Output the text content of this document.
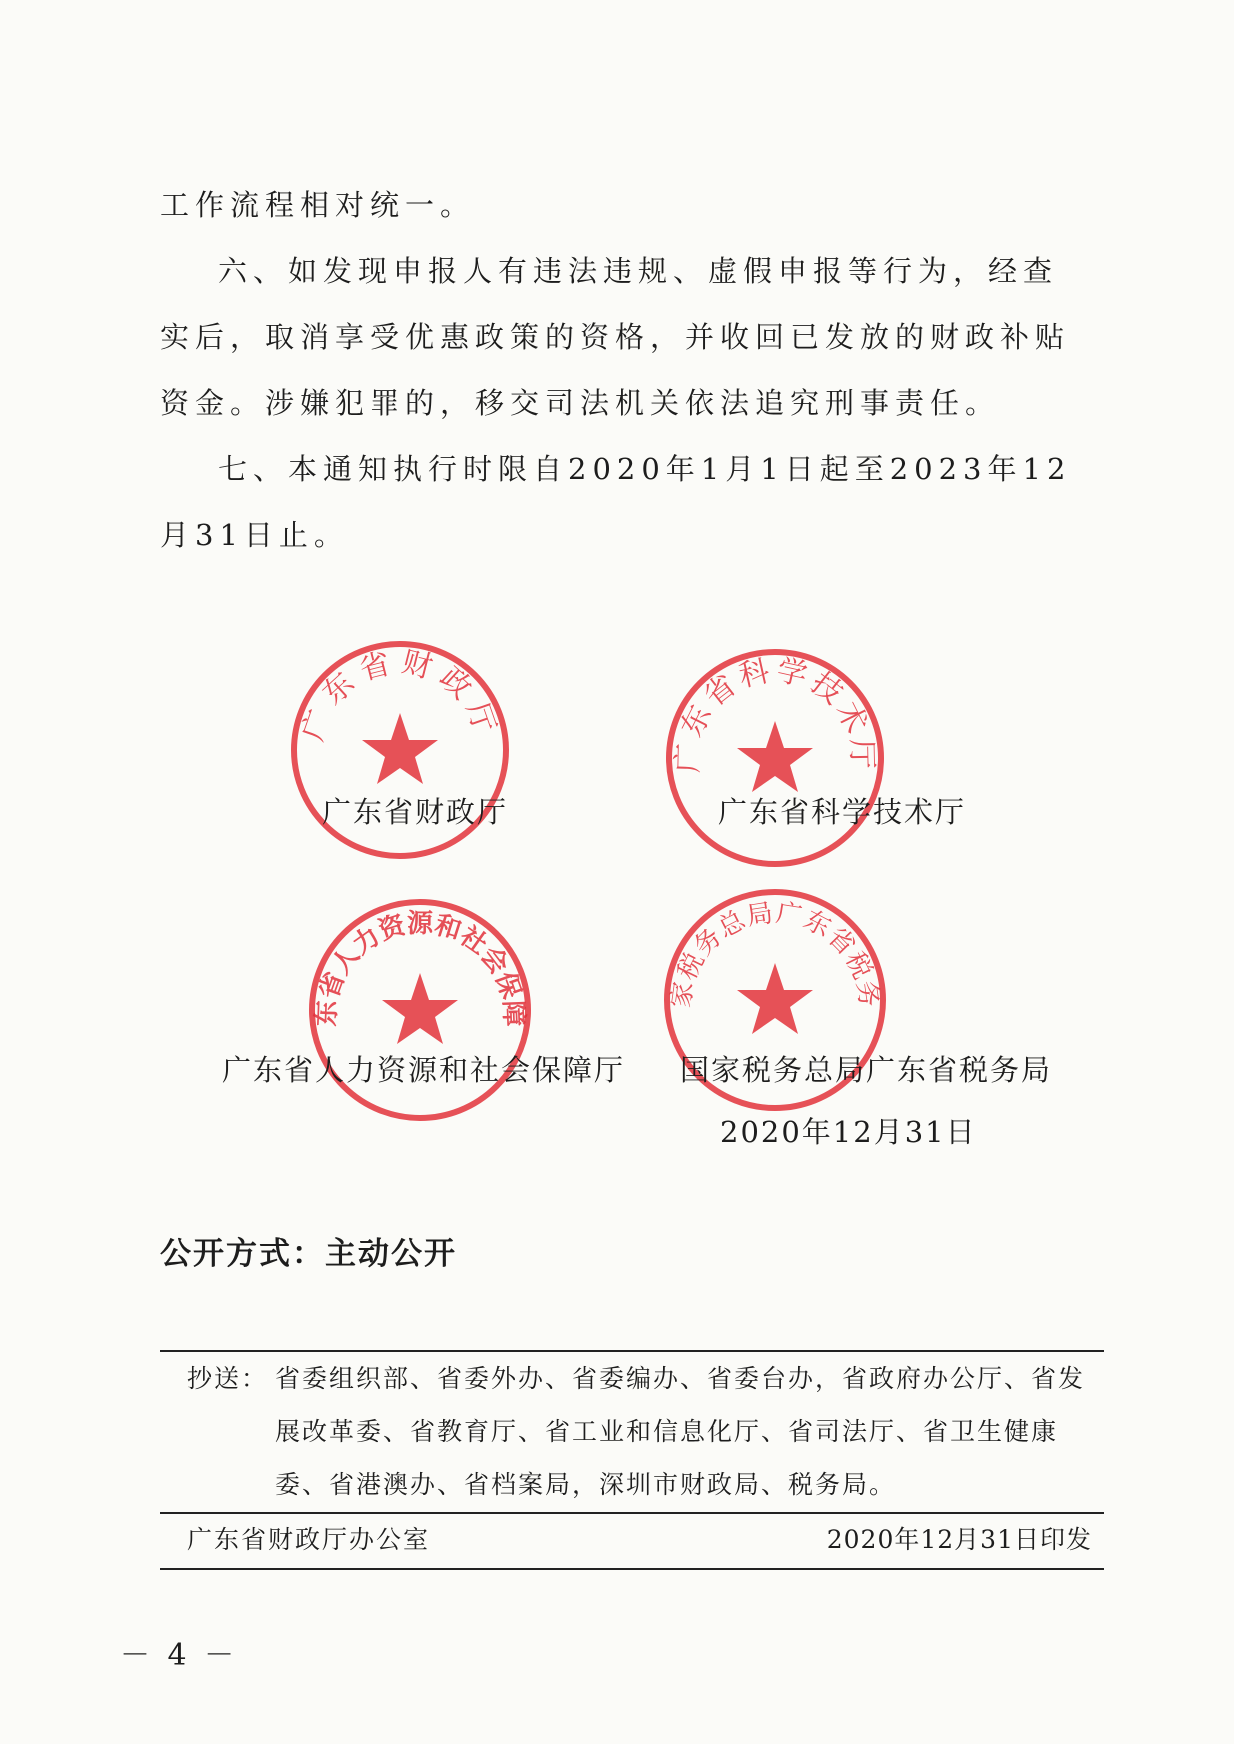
工作流程相对统一。

六、如发现申报人有违法违规、虚假申报等行为，经查实后，取消享受优惠政策的资格，并收回已发放的财政补贴资金。涉嫌犯罪的，移交司法机关依法追究刑事责任。

七、本通知执行时限自2020年1月1日起至2023年12月31日止。

广东省财政厅
广东省科学技术厅
广东省人力资源和社会保障厅	国家税务总局广东省税务局
广东省财政厅	广东省科学技术厅
广东省人力资源和社会保障厅 国家税务总局广东省税务局
2020年12月31日
公开方式：主动公开
抄送： 省委组织部、省委外办、省委编办、省委台办，省政府办公厅、省发展改革委、省教育厅、省工业和信息化厅、省司法厅、省卫生健康委、省港澳办、省档案局，深圳市财政局、税务局。
广东省财政厅办公室	2020年12月31日印发
－ 4 －
